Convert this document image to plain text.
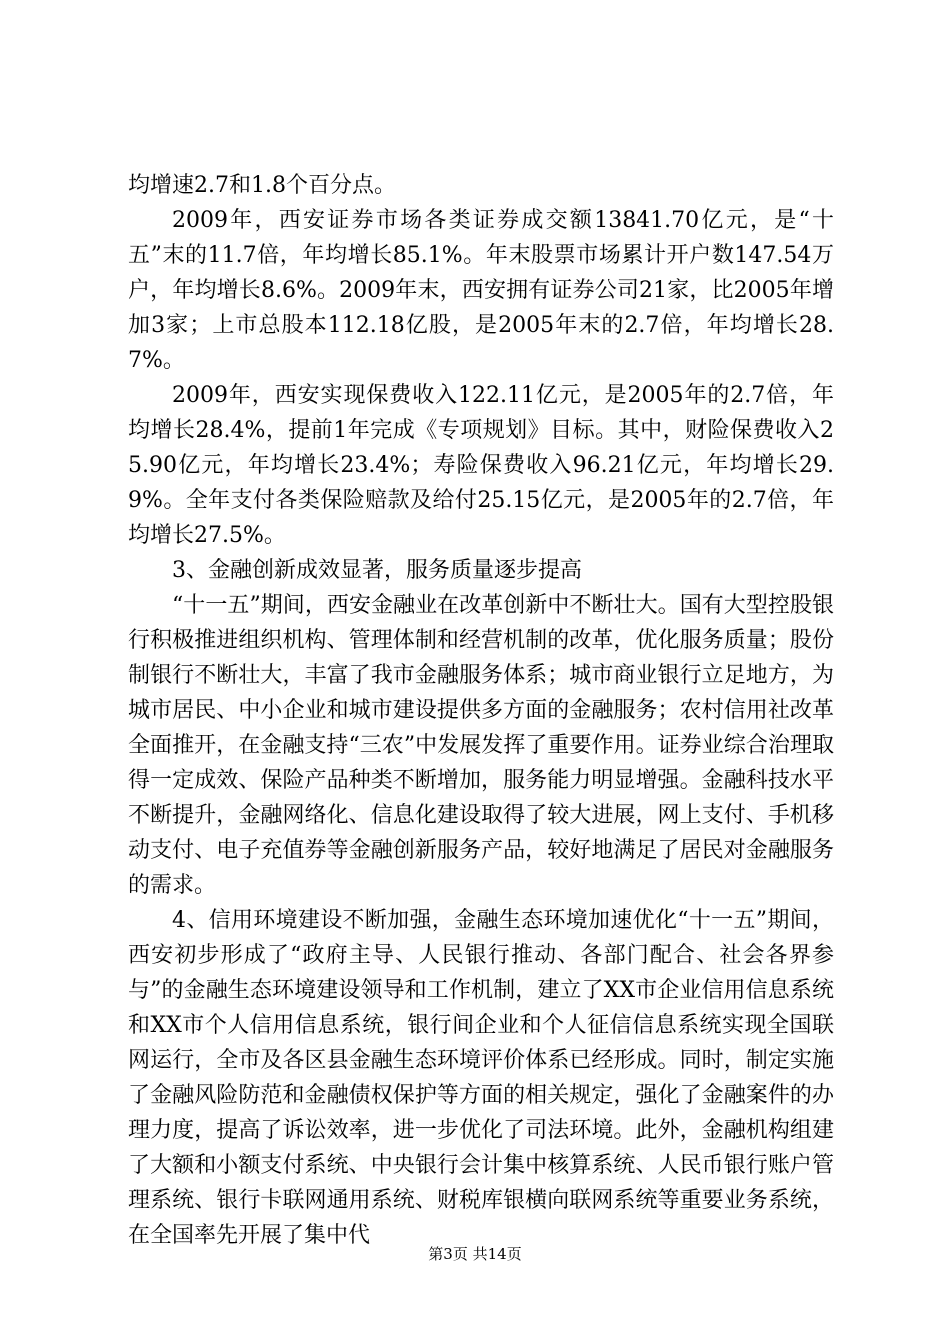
均增速2.7和1.8个百分点。

2009年，西安证券市场各类证券成交额13841.70亿元，是“十五”末的11.7倍，年均增长85.1%。年末股票市场累计开户数147.54万户，年均增长8.6%。2009年末，西安拥有证券公司21家，比2005年增加3家；上市总股本112.18亿股，是2005年末的2.7倍，年均增长28.7%。

2009年，西安实现保费收入122.11亿元，是2005年的2.7倍，年均增长28.4%，提前1年完成《专项规划》目标。其中，财险保费收入25.90亿元，年均增长23.4%；寿险保费收入96.21亿元，年均增长29.9%。全年支付各类保险赔款及给付25.15亿元，是2005年的2.7倍，年均增长27.5%。

3、金融创新成效显著，服务质量逐步提高

“十一五”期间，西安金融业在改革创新中不断壮大。国有大型控股银行积极推进组织机构、管理体制和经营机制的改革，优化服务质量；股份制银行不断壮大，丰富了我市金融服务体系；城市商业银行立足地方，为城市居民、中小企业和城市建设提供多方面的金融服务；农村信用社改革全面推开，在金融支持“三农”中发展发挥了重要作用。证券业综合治理取得一定成效、保险产品种类不断增加，服务能力明显增强。金融科技水平不断提升，金融网络化、信息化建设取得了较大进展，网上支付、手机移动支付、电子充值券等金融创新服务产品，较好地满足了居民对金融服务的需求。

4、信用环境建设不断加强，金融生态环境加速优化“十一五”期间，西安初步形成了“政府主导、人民银行推动、各部门配合、社会各界参与”的金融生态环境建设领导和工作机制，建立了XX市企业信用信息系统和XX市个人信用信息系统，银行间企业和个人征信信息系统实现全国联网运行，全市及各区县金融生态环境评价体系已经形成。同时，制定实施了金融风险防范和金融债权保护等方面的相关规定，强化了金融案件的办理力度，提高了诉讼效率，进一步优化了司法环境。此外，金融机构组建了大额和小额支付系统、中央银行会计集中核算系统、人民币银行账户管理系统、银行卡联网通用系统、财税库银横向联网系统等重要业务系统，在全国率先开展了集中代

第3页 共14页
